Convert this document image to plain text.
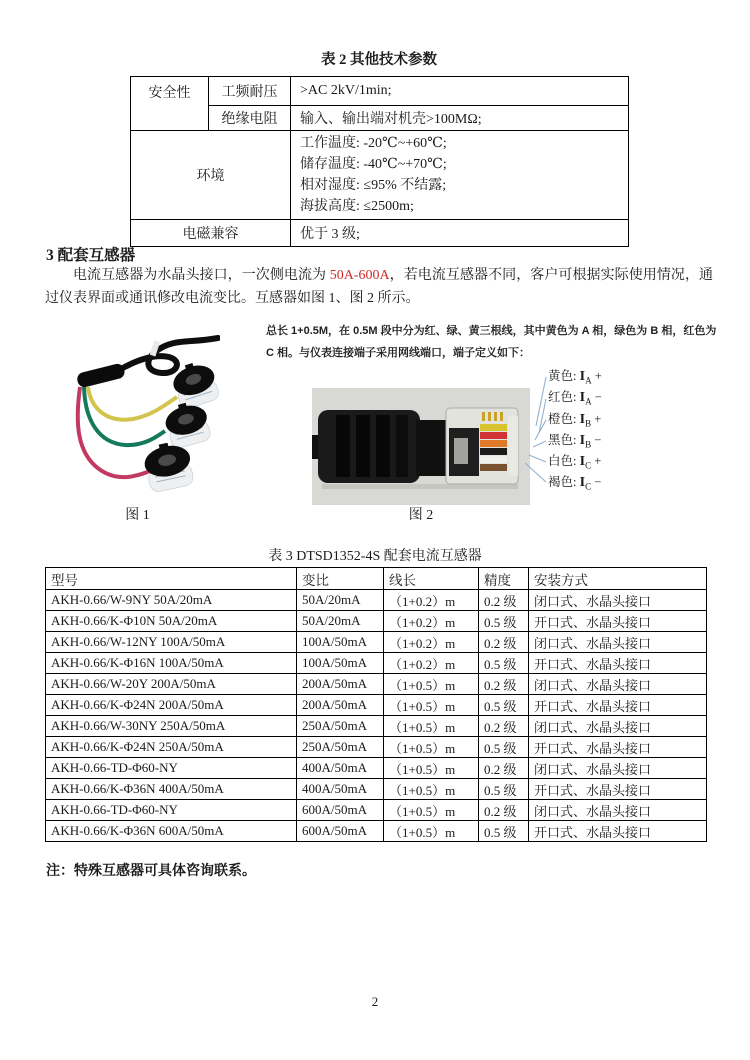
表 2 其他技术参数
安全性	工频耐压	>AC 2kV/1min;
	绝缘电阻	输入、输出端对机壳>100MΩ;
环境		工作温度: -20℃~+60℃;
储存温度: -40℃~+70℃;
相对湿度: ≤95% 不结露;
海拔高度: ≤2500m;

电磁兼容		优于 3 级;
3 配套互感器

电流互感器为水晶头接口，一次侧电流为 50A-600A，若电流互感器不同，客户可根据实际使用情况，通过仪表界面或通讯修改电流变比。互感器如图 1、图 2 所示。

总长 1+0.5M，在 0.5M 段中分为红、绿、黄三根线，其中黄色为 A 相，绿色为 B 相，红色为
C 相。与仪表连接端子采用网线端口，端子定义如下：
黄色: $I_A$ +
红色: $I_A$ −
橙色: $I_B$ +
黑色: $I_B$ −
白色: $I_C$ +
褐色: $I_C$ −
图 1	图 2
表 3 DTSD1352-4S 配套电流互感器
型号	变比	线长	精度	安装方式
AKH-0.66/W-9NY 50A/20mA	50A/20mA	（1+0.2）m	0.2 级	闭口式、水晶头接口
AKH-0.66/K-Φ10N 50A/20mA	50A/20mA	（1+0.2）m	0.5 级	开口式、水晶头接口
AKH-0.66/W-12NY 100A/50mA	100A/50mA	（1+0.2）m	0.2 级	闭口式、水晶头接口
AKH-0.66/K-Φ16N 100A/50mA	100A/50mA	（1+0.2）m	0.5 级	开口式、水晶头接口
AKH-0.66/W-20Y 200A/50mA	200A/50mA	（1+0.5）m	0.2 级	闭口式、水晶头接口
AKH-0.66/K-Φ24N 200A/50mA	200A/50mA	（1+0.5）m	0.5 级	开口式、水晶头接口
AKH-0.66/W-30NY 250A/50mA	250A/50mA	（1+0.5）m	0.2 级	闭口式、水晶头接口
AKH-0.66/K-Φ24N 250A/50mA	250A/50mA	（1+0.5）m	0.5 级	开口式、水晶头接口
AKH-0.66-TD-Φ60-NY	400A/50mA	（1+0.5）m	0.2 级	闭口式、水晶头接口
AKH-0.66/K-Φ36N 400A/50mA	400A/50mA	（1+0.5）m	0.5 级	开口式、水晶头接口
AKH-0.66-TD-Φ60-NY	600A/50mA	（1+0.5）m	0.2 级	闭口式、水晶头接口
AKH-0.66/K-Φ36N 600A/50mA	600A/50mA	（1+0.5）m	0.5 级	开口式、水晶头接口
注：特殊互感器可具体咨询联系。
2
